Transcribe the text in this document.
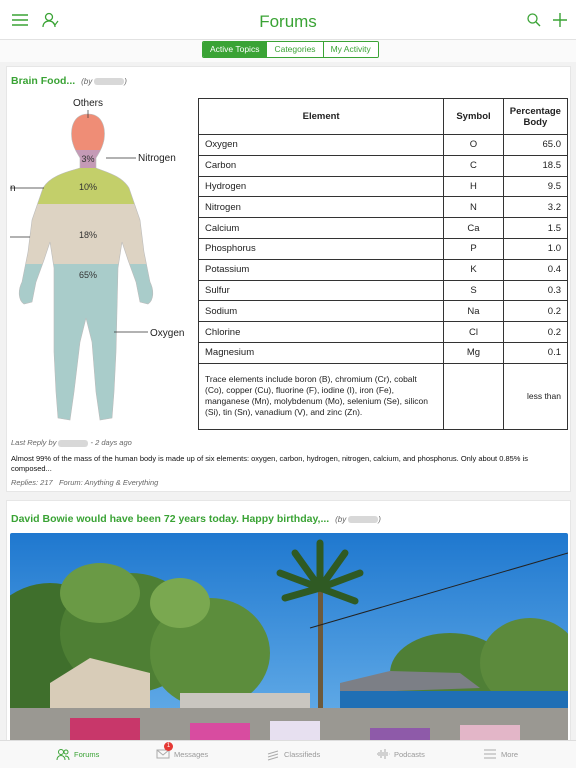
Forums
Active Topics	Categories	My Activity
Brain Food... (by	)
Others
Nitrogen
n
Oxygen
3%
10%
18%
65%
Element	Symbol	Percentage Body
Oxygen	O	65.0
Carbon	C	18.5
Hydrogen	H	9.5
Nitrogen	N	3.2
Calcium	Ca	1.5
Phosphorus	P	1.0
Potassium	K	0.4
Sulfur	S	0.3
Sodium	Na	0.2
Chlorine	Cl	0.2
Magnesium	Mg	0.1
Trace elements include boron (B), chromium (Cr), cobalt (Co), copper (Cu), fluorine (F), iodine (I), iron (Fe), manganese (Mn), molybdenum (Mo), selenium (Se), silicon (Si), tin (Sn), vanadium (V), and zinc (Zn).		less than
Last Reply by	- 2 days ago
Almost 99% of the mass of the human body is made up of six elements: oxygen, carbon, hydrogen, nitrogen, calcium, and phosphorus. Only about 0.85% is composed...
Replies: 217 Forum: Anything & Everything
David Bowie would have been 72 years today. Happy birthday,... (by	)
Forums
1
Messages	Classifieds	Podcasts	More
